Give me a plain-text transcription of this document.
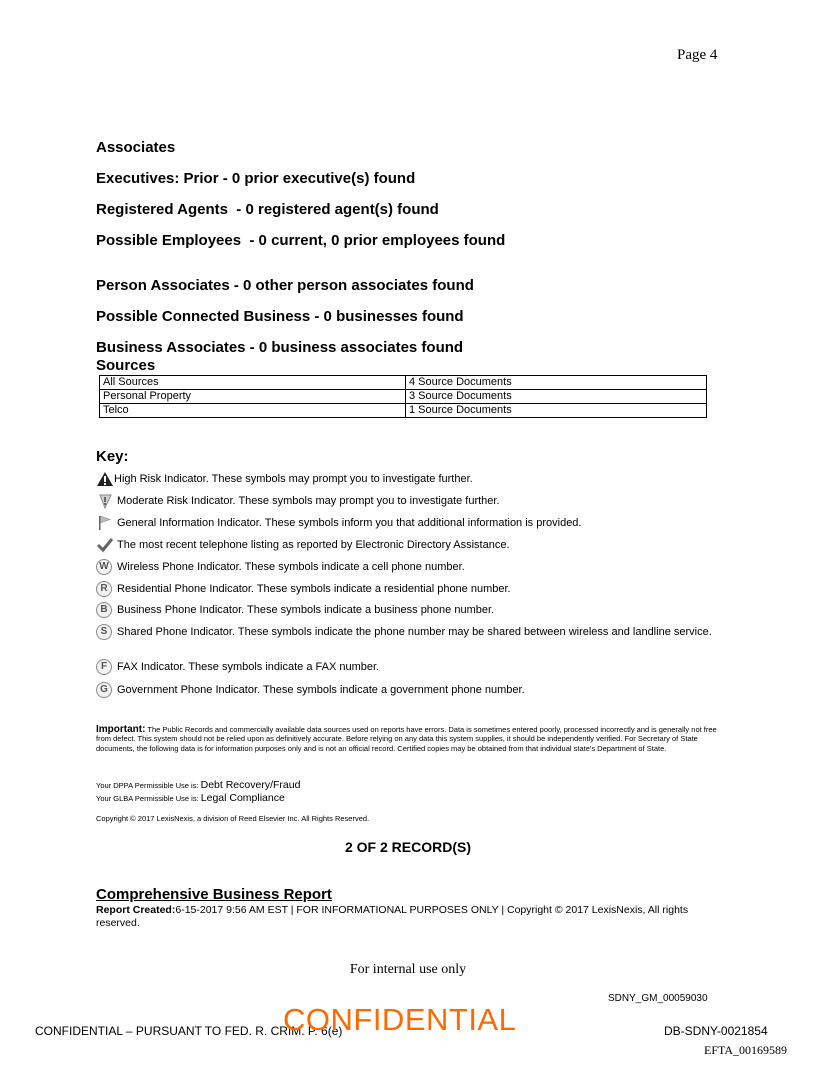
Page 4
Associates
Executives: Prior - 0 prior executive(s) found
Registered Agents  - 0 registered agent(s) found
Possible Employees  - 0 current, 0 prior employees found
Person Associates - 0 other person associates found
Possible Connected Business - 0 businesses found
Business Associates - 0 business associates found
Sources
All Sources	4 Source Documents
Personal Property	3 Source Documents
Telco	1 Source Documents
Key:
High Risk Indicator. These symbols may prompt you to investigate further.
Moderate Risk Indicator. These symbols may prompt you to investigate further.
General Information Indicator. These symbols inform you that additional information is provided.
The most recent telephone listing as reported by Electronic Directory Assistance.
W Wireless Phone Indicator. These symbols indicate a cell phone number.
R Residential Phone Indicator. These symbols indicate a residential phone number.
B Business Phone Indicator. These symbols indicate a business phone number.
S Shared Phone Indicator. These symbols indicate the phone number may be shared between wireless and landline service.
F FAX Indicator. These symbols indicate a FAX number.
G Government Phone Indicator. These symbols indicate a government phone number.
Important: The Public Records and commercially available data sources used on reports have errors. Data is sometimes entered poorly, processed incorrectly and is generally not free from defect. This system should not be relied upon as definitively accurate. Before relying on any data this system supplies, it should be independently verified. For Secretary of State documents, the following data is for information purposes only and is not an official record. Certified copies may be obtained from that individual state's Department of State.
Your DPPA Permissible Use is: Debt Recovery/Fraud
Your GLBA Permissible Use is: Legal Compliance
Copyright © 2017 LexisNexis, a division of Reed Elsevier Inc. All Rights Reserved.
2 OF 2 RECORD(S)
Comprehensive Business Report
Report Created:6-15-2017 9:56 AM EST | FOR INFORMATIONAL PURPOSES ONLY | Copyright © 2017 LexisNexis, All rights reserved.
For internal use only
SDNY_GM_00059030
CONFIDENTIAL – PURSUANT TO FED. R. CRIM. P. 6(e)
CONFIDENTIAL	DB-SDNY-0021854
EFTA_00169589
